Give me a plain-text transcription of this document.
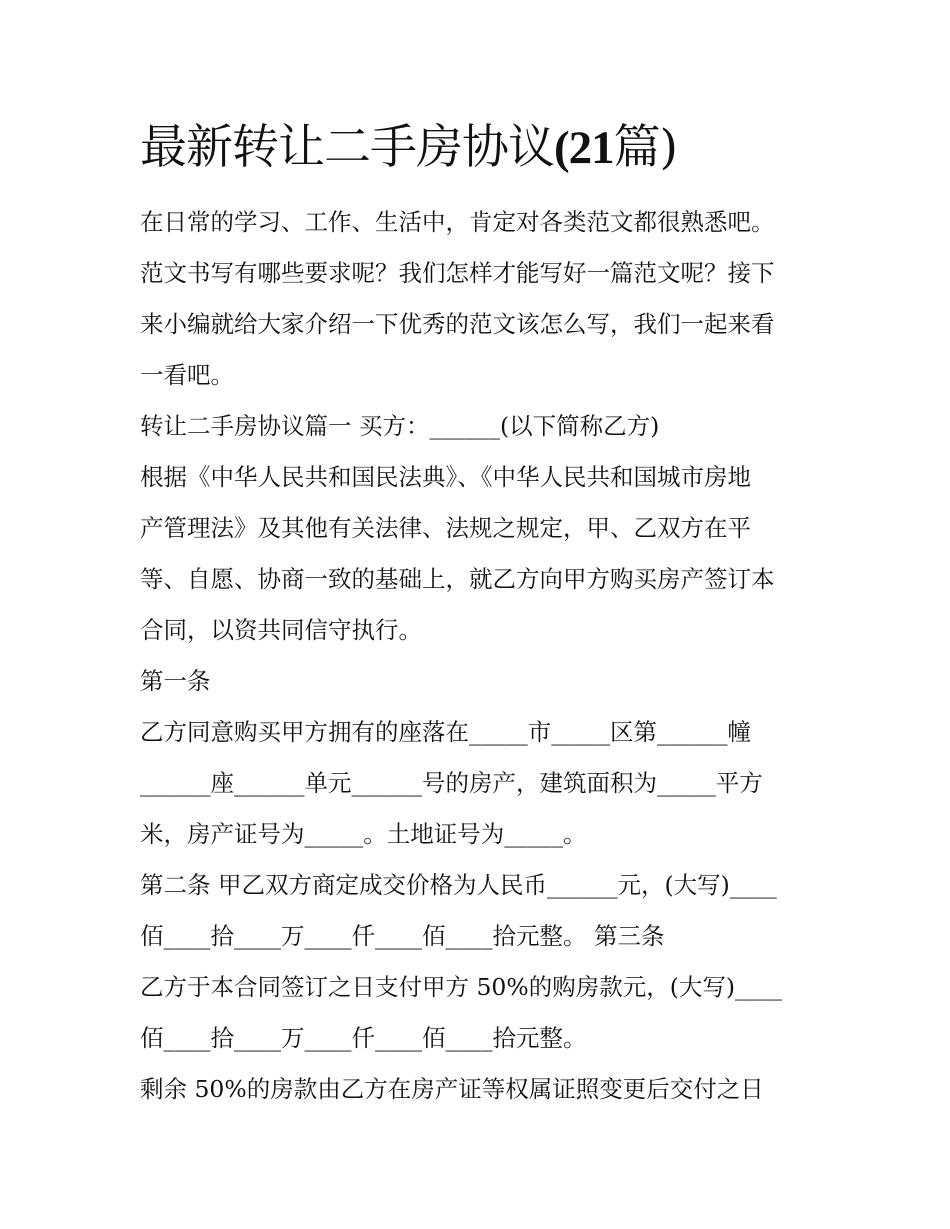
最新转让二手房协议(21篇)

在日常的学习、工作、生活中，肯定对各类范文都很熟悉吧。

范文书写有哪些要求呢？我们怎样才能写好一篇范文呢？接下

来小编就给大家介绍一下优秀的范文该怎么写，我们一起来看

一看吧。

转让二手房协议篇一 买方：______(以下简称乙方)

根据《中华人民共和国民法典》、《中华人民共和国城市房地

产管理法》及其他有关法律、法规之规定，甲、乙双方在平

等、自愿、协商一致的基础上，就乙方向甲方购买房产签订本

合同，以资共同信守执行。

第一条

乙方同意购买甲方拥有的座落在_____市_____区第______幢

______座______单元______号的房产，建筑面积为_____平方

米，房产证号为_____。土地证号为_____。

第二条 甲乙双方商定成交价格为人民币______元，(大写)____

佰____拾____万____仟____佰____拾元整。 第三条

乙方于本合同签订之日支付甲方 50%的购房款元，(大写)____

佰____拾____万____仟____佰____拾元整。

剩余 50%的房款由乙方在房产证等权属证照变更后交付之日
